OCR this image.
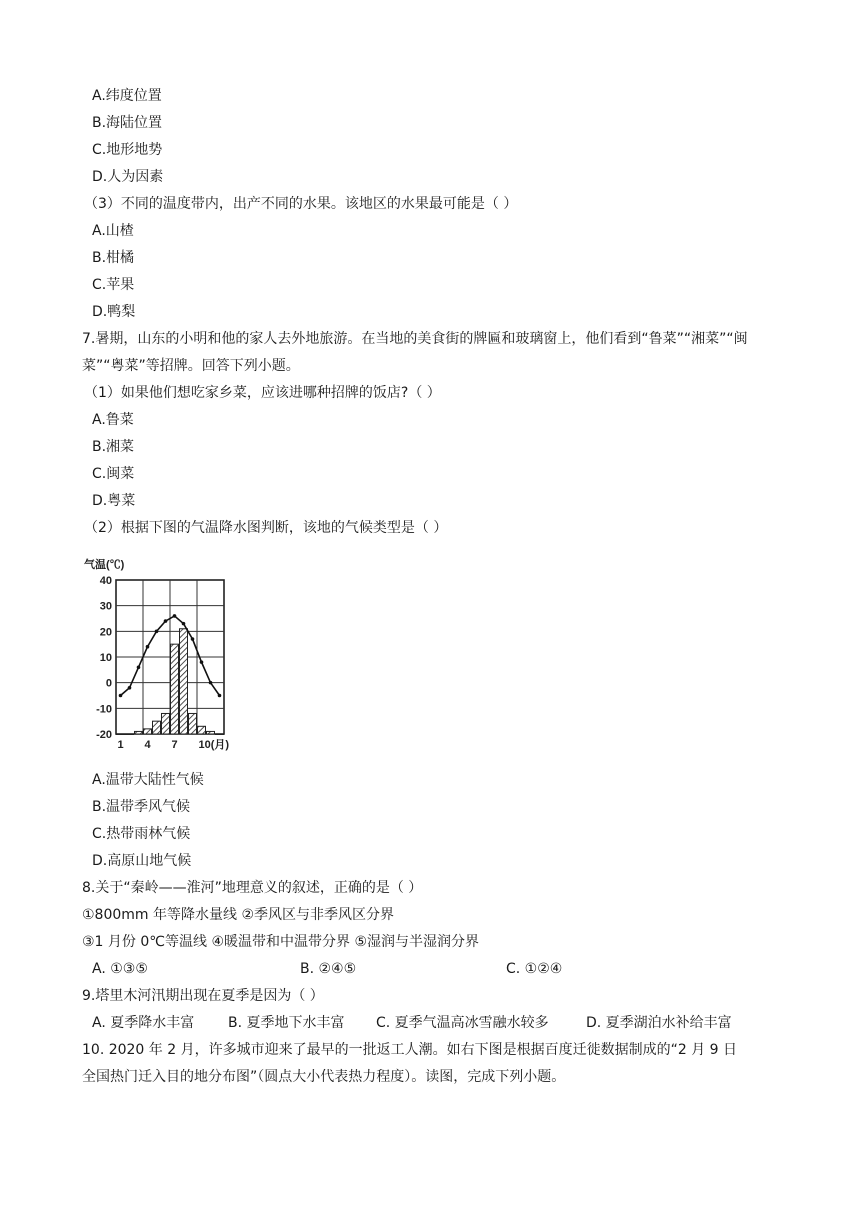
A.纬度位置
B.海陆位置
C.地形地势
D.人为因素
（3）不同的温度带内，出产不同的水果。该地区的水果最可能是（ ）
A.山楂
B.柑橘
C.苹果
D.鸭梨
7.暑期，山东的小明和他的家人去外地旅游。在当地的美食街的牌匾和玻璃窗上，他们看到“鲁菜”“湘菜”“闽
菜”“粤菜”等招牌。回答下列小题。
（1）如果他们想吃家乡菜，应该进哪种招牌的饭店?（ ）
A.鲁菜
B.湘菜
C.闽菜
D.粤菜
（2）根据下图的气温降水图判断，该地的气候类型是（ ）
气温(℃)
40
30
20
10
0
-10
-20
1 4 7 10(月)
A.温带大陆性气候
B.温带季风气候
C.热带雨林气候
D.高原山地气候
8.关于“秦岭——淮河”地理意义的叙述，正确的是（ ）
①800mm 年等降水量线 ②季风区与非季风区分界
③1 月份 0℃等温线 ④暖温带和中温带分界 ⑤湿润与半湿润分界
A. ①③⑤	B. ②④⑤	C. ①②④
9.塔里木河汛期出现在夏季是因为（ ）
A. 夏季降水丰富 B. 夏季地下水丰富 C. 夏季气温高冰雪融水较多	D. 夏季湖泊水补给丰富
10. 2020 年 2 月，许多城市迎来了最早的一批返工人潮。如右下图是根据百度迁徙数据制成的“2 月 9 日
全国热门迁入目的地分布图”（圆点大小代表热力程度）。读图，完成下列小题。
